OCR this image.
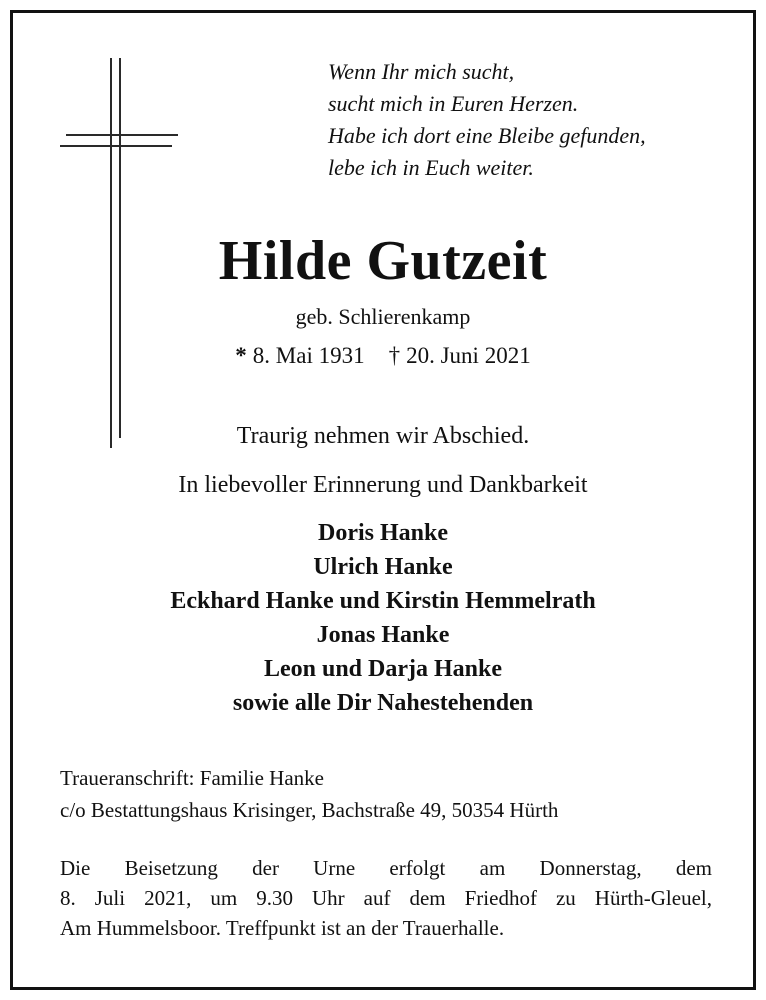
Wenn Ihr mich sucht,
sucht mich in Euren Herzen.
Habe ich dort eine Bleibe gefunden,
lebe ich in Euch weiter.
Hilde Gutzeit
geb. Schlierenkamp
* 8. Mai 1931 † 20. Juni 2021
Traurig nehmen wir Abschied.
In liebevoller Erinnerung und Dankbarkeit
Doris Hanke
Ulrich Hanke
Eckhard Hanke und Kirstin Hemmelrath
Jonas Hanke
Leon und Darja Hanke
sowie alle Dir Nahestehenden
Traueranschrift: Familie Hanke
c/o Bestattungshaus Krisinger, Bachstraße 49, 50354 Hürth
Die Beisetzung der Urne erfolgt am Donnerstag, dem
8. Juli 2021, um 9.30 Uhr auf dem Friedhof zu Hürth-Gleuel,
Am Hummelsboor. Treffpunkt ist an der Trauerhalle.
